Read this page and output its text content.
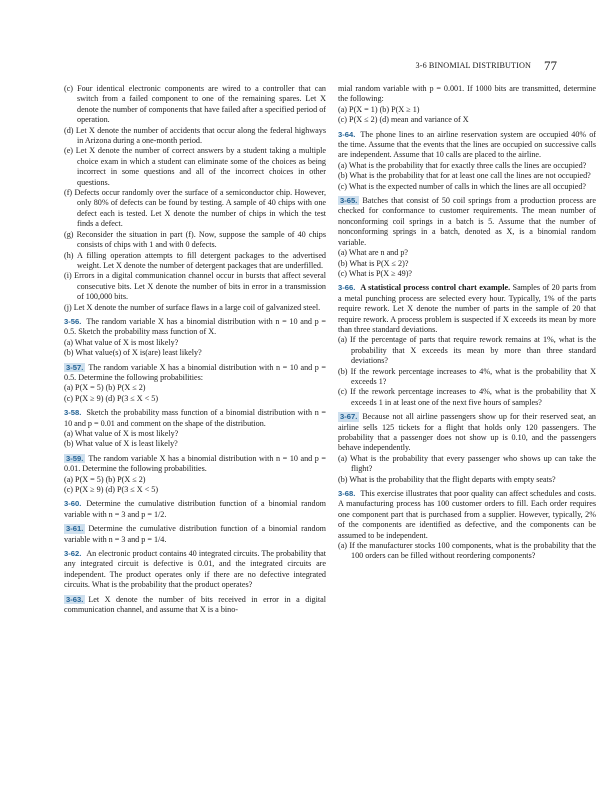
3-6 BINOMIAL DISTRIBUTION 77

(c) Four identical electronic components are wired to a controller that can switch from a failed component to one of the remaining spares. Let X denote the number of components that have failed after a specified period of operation.

(d) Let X denote the number of accidents that occur along the federal highways in Arizona during a one-month period.

(e) Let X denote the number of correct answers by a student taking a multiple choice exam in which a student can eliminate some of the choices as being incorrect in some questions and all of the incorrect choices in other questions.

(f) Defects occur randomly over the surface of a semiconductor chip. However, only 80% of defects can be found by testing. A sample of 40 chips with one defect each is tested. Let X denote the number of chips in which the test finds a defect.

(g) Reconsider the situation in part (f). Now, suppose the sample of 40 chips consists of chips with 1 and with 0 defects.

(h) A filling operation attempts to fill detergent packages to the advertised weight. Let X denote the number of detergent packages that are underfilled.

(i) Errors in a digital communication channel occur in bursts that affect several consecutive bits. Let X denote the number of bits in error in a transmission of 100,000 bits.

(j) Let X denote the number of surface flaws in a large coil of galvanized steel.

3-56. The random variable X has a binomial distribution with n = 10 and p = 0.5. Sketch the probability mass function of X.

(a) What value of X is most likely?

(b) What value(s) of X is(are) least likely?

3-57. The random variable X has a binomial distribution with n = 10 and p = 0.5. Determine the following probabilities:

(a) P(X = 5) (b) P(X ≤ 2)

(c) P(X ≥ 9) (d) P(3 ≤ X < 5)

3-58. Sketch the probability mass function of a binomial distribution with n = 10 and p = 0.01 and comment on the shape of the distribution.

(a) What value of X is most likely?

(b) What value of X is least likely?

3-59. The random variable X has a binomial distribution with n = 10 and p = 0.01. Determine the following probabilities.

(a) P(X = 5) (b) P(X ≤ 2)

(c) P(X ≥ 9) (d) P(3 ≤ X < 5)

3-60. Determine the cumulative distribution function of a binomial random variable with n = 3 and p = 1/2.

3-61. Determine the cumulative distribution function of a binomial random variable with n = 3 and p = 1/4.

3-62. An electronic product contains 40 integrated circuits. The probability that any integrated circuit is defective is 0.01, and the integrated circuits are independent. The product operates only if there are no defective integrated circuits. What is the probability that the product operates?

3-63. Let X denote the number of bits received in error in a digital communication channel, and assume that X is a bino-

mial random variable with p = 0.001. If 1000 bits are transmitted, determine the following:

(a) P(X = 1) (b) P(X ≥ 1)

(c) P(X ≤ 2) (d) mean and variance of X

3-64. The phone lines to an airline reservation system are occupied 40% of the time. Assume that the events that the lines are occupied on successive calls are independent. Assume that 10 calls are placed to the airline.

(a) What is the probability that for exactly three calls the lines are occupied?

(b) What is the probability that for at least one call the lines are not occupied?

(c) What is the expected number of calls in which the lines are all occupied?

3-65. Batches that consist of 50 coil springs from a production process are checked for conformance to customer requirements. The mean number of nonconforming coil springs in a batch is 5. Assume that the number of nonconforming springs in a batch, denoted as X, is a binomial random variable.

(a) What are n and p?

(b) What is P(X ≤ 2)?

(c) What is P(X ≥ 49)?

3-66. A statistical process control chart example. Samples of 20 parts from a metal punching process are selected every hour. Typically, 1% of the parts require rework. Let X denote the number of parts in the sample of 20 that require rework. A process problem is suspected if X exceeds its mean by more than three standard deviations.

(a) If the percentage of parts that require rework remains at 1%, what is the probability that X exceeds its mean by more than three standard deviations?

(b) If the rework percentage increases to 4%, what is the probability that X exceeds 1?

(c) If the rework percentage increases to 4%, what is the probability that X exceeds 1 in at least one of the next five hours of samples?

3-67. Because not all airline passengers show up for their reserved seat, an airline sells 125 tickets for a flight that holds only 120 passengers. The probability that a passenger does not show up is 0.10, and the passengers behave independently.

(a) What is the probability that every passenger who shows up can take the flight?

(b) What is the probability that the flight departs with empty seats?

3-68. This exercise illustrates that poor quality can affect schedules and costs. A manufacturing process has 100 customer orders to fill. Each order requires one component part that is purchased from a supplier. However, typically, 2% of the components are identified as defective, and the components can be assumed to be independent.

(a) If the manufacturer stocks 100 components, what is the probability that the 100 orders can be filled without reordering components?
